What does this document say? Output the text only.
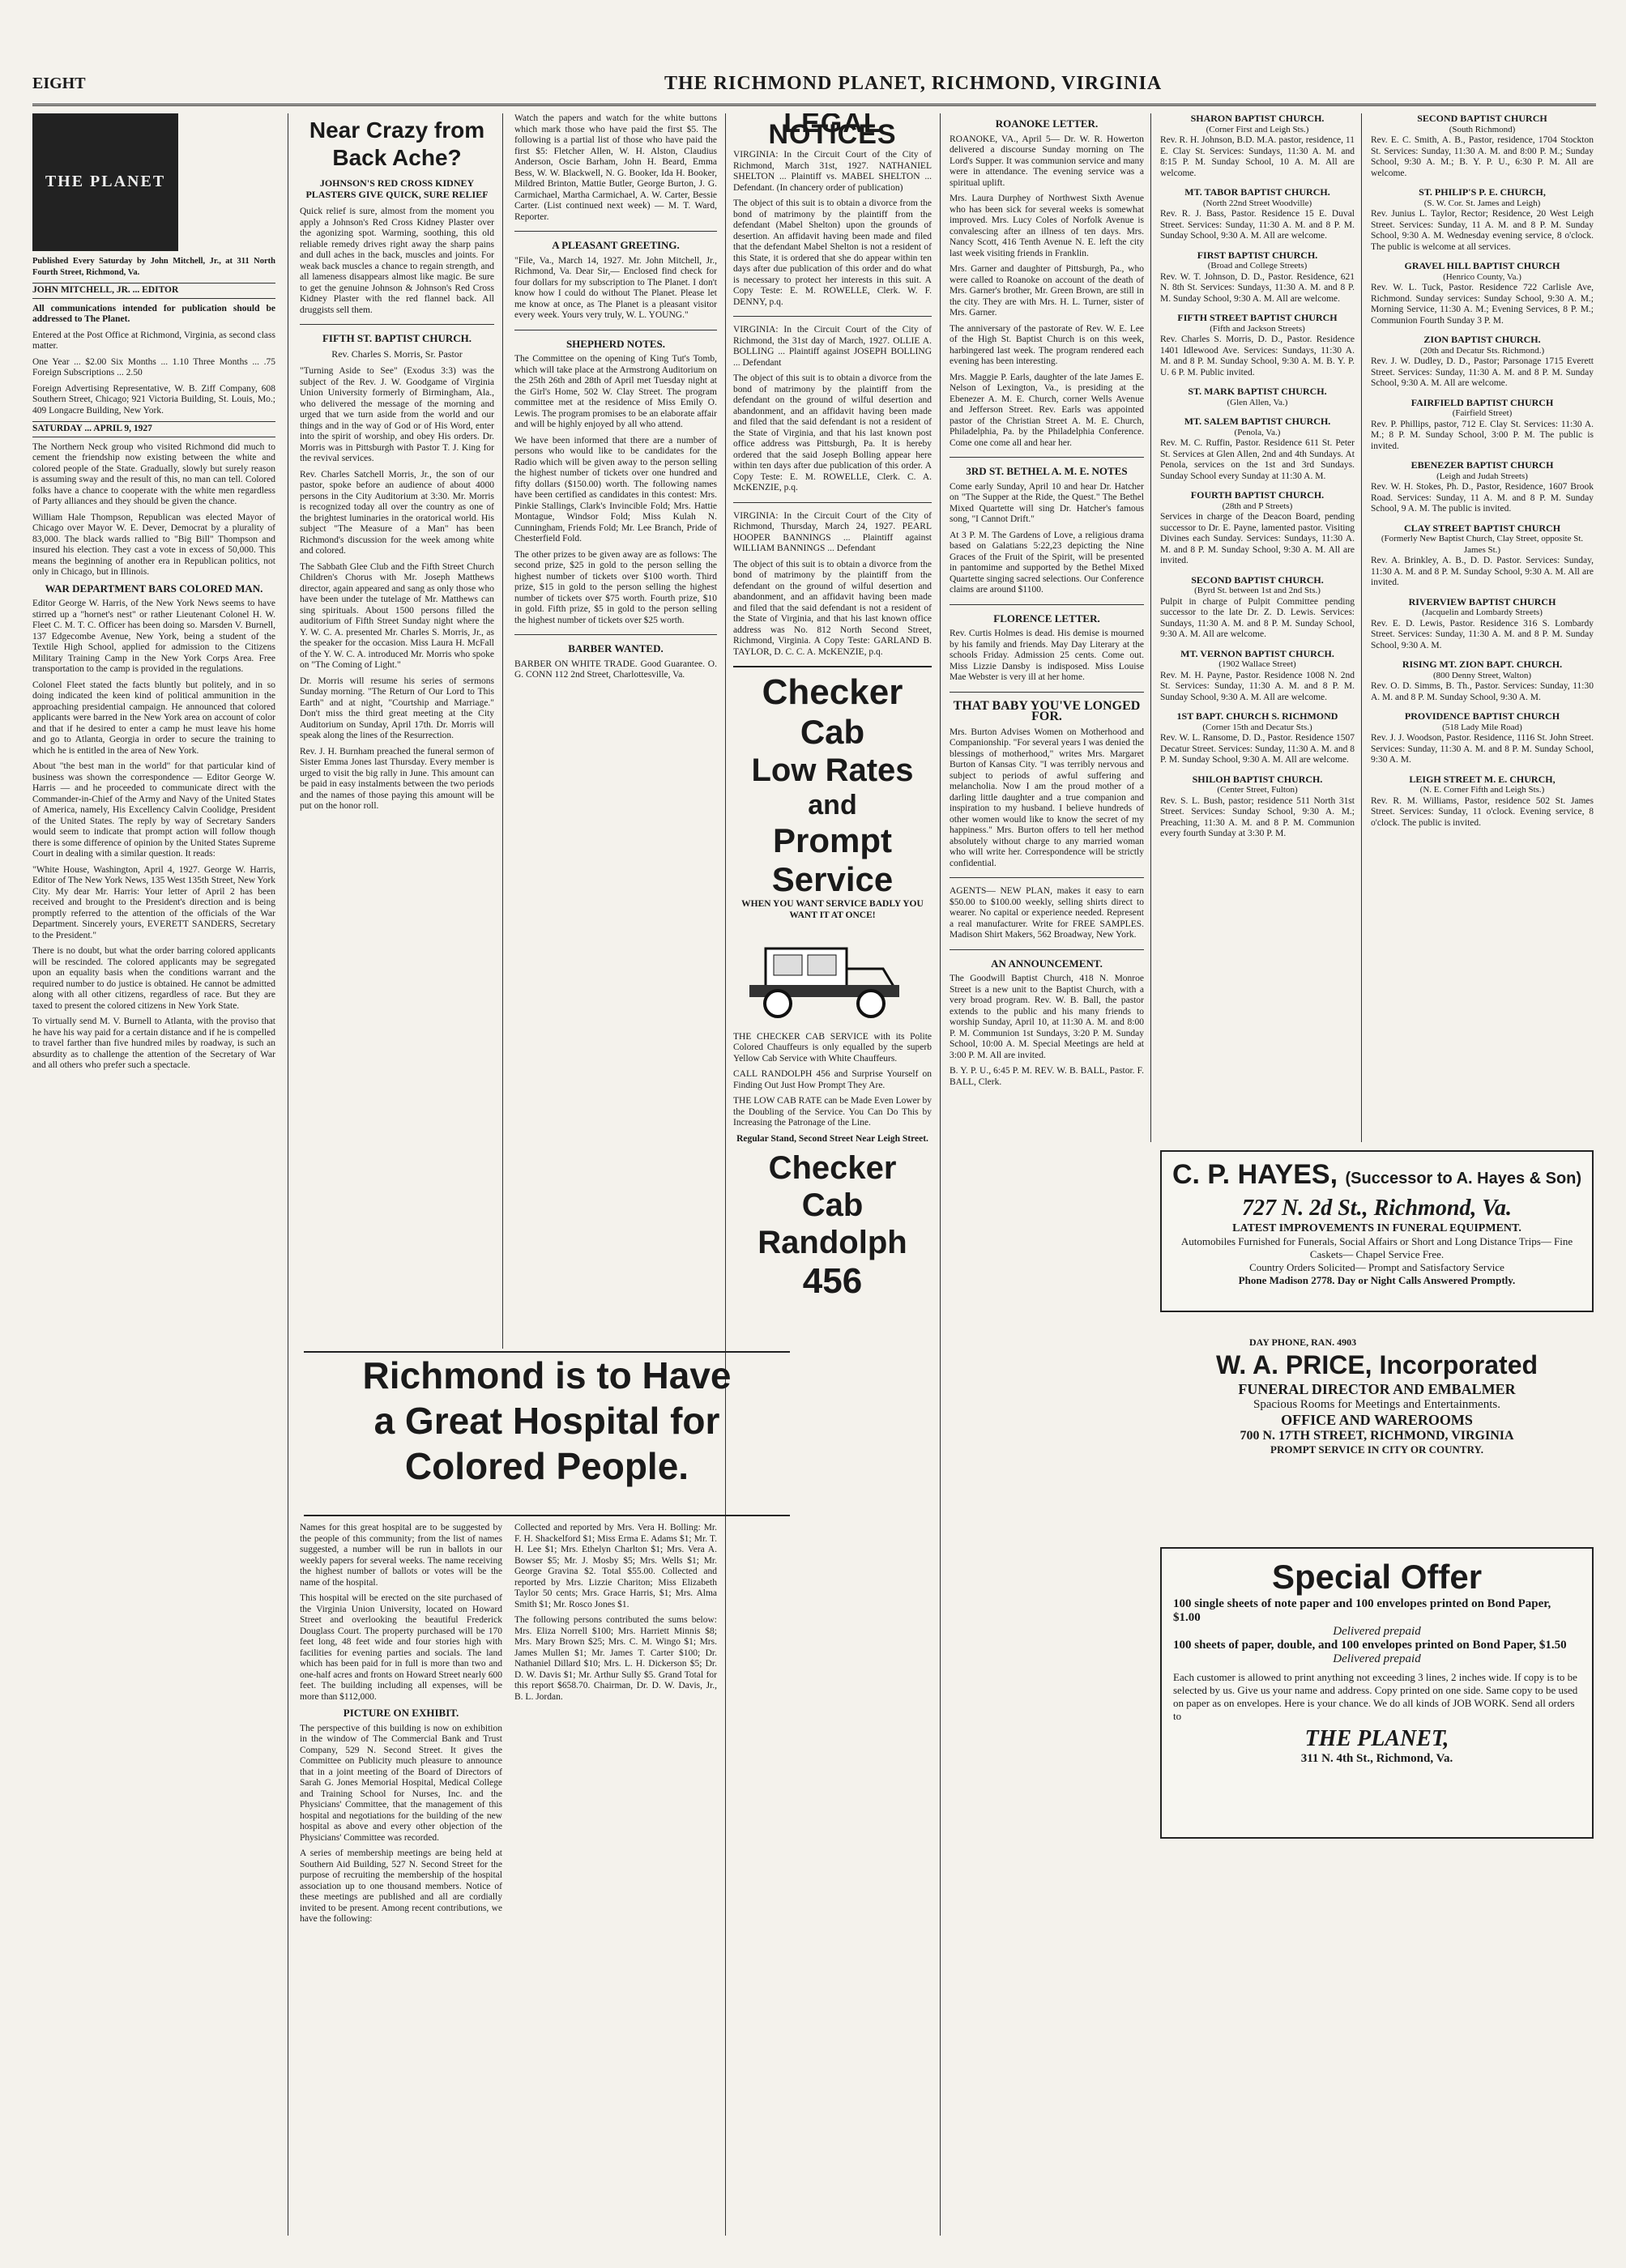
EIGHT	THE RICHMOND PLANET, RICHMOND, VIRGINIA
THE PLANET

Published Every Saturday by John Mitchell, Jr., at 311 North Fourth Street, Richmond, Va.

JOHN MITCHELL, JR. ... EDITOR

All communications intended for publication should be addressed to The Planet.

Entered at the Post Office at Richmond, Virginia, as second class matter.

One Year ... $2.00 Six Months ... 1.10 Three Months ... .75 Foreign Subscriptions ... 2.50

Foreign Advertising Representative, W. B. Ziff Company, 608 Southern Street, Chicago; 921 Victoria Building, St. Louis, Mo.; 409 Longacre Building, New York.

SATURDAY ... APRIL 9, 1927

The Northern Neck group who visited Richmond did much to cement the friendship now existing between the white and colored people of the State. Gradually, slowly but surely reason is assuming sway and the result of this, no man can tell. Colored folks have a chance to cooperate with the white men regardless of Party alliances and they should be given the chance.

William Hale Thompson, Republican was elected Mayor of Chicago over Mayor W. E. Dever, Democrat by a plurality of 83,000. The black wards rallied to "Big Bill" Thompson and insured his election. They cast a vote in excess of 50,000. This means the beginning of another era in Republican politics, not only in Chicago, but in Illinois.

WAR DEPARTMENT BARS COLORED MAN.

Editor George W. Harris, of the New York News seems to have stirred up a "hornet's nest" or rather Lieutenant Colonel H. W. Fleet C. M. T. C. Officer has been doing so. Marsden V. Burnell, 137 Edgecombe Avenue, New York, being a student of the Textile High School, applied for admission to the Citizens Military Training Camp in the New York Corps Area. Free transportation to the camp is provided in the regulations.

Colonel Fleet stated the facts bluntly but politely, and in so doing indicated the keen kind of political ammunition in the approaching presidential campaign. He announced that colored applicants were barred in the New York area on account of color and that if he desired to enter a camp he must leave his home and go to Atlanta, Georgia in order to secure the training to which he is entitled in the area of New York.

About "the best man in the world" for that particular kind of business was shown the correspondence — Editor George W. Harris — and he proceeded to communicate direct with the Commander-in-Chief of the Army and Navy of the United States of America, namely, His Excellency Calvin Coolidge, President of the United States. The reply by way of Secretary Sanders would seem to indicate that prompt action will follow though there is some difference of opinion by the United States Supreme Court in dealing with a similar question. It reads:

"White House, Washington, April 4, 1927. George W. Harris, Editor of The New York News, 135 West 135th Street, New York City. My dear Mr. Harris: Your letter of April 2 has been received and brought to the President's direction and is being promptly referred to the attention of the officials of the War Department. Sincerely yours, EVERETT SANDERS, Secretary to the President."

There is no doubt, but what the order barring colored applicants will be rescinded. The colored applicants may be segregated upon an equality basis when the conditions warrant and the required number to do justice is obtained. He cannot be admitted along with all other citizens, regardless of race. But they are taxed to present the colored citizens in New York State.

To virtually send M. V. Burnell to Atlanta, with the proviso that he have his way paid for a certain distance and if he is compelled to travel farther than five hundred miles by roadway, is such an absurdity as to challenge the attention of the Secretary of War and all others who prefer such a spectacle.

Near Crazy from Back Ache?
JOHNSON'S RED CROSS KIDNEY PLASTERS GIVE QUICK, SURE RELIEF

Quick relief is sure, almost from the moment you apply a Johnson's Red Cross Kidney Plaster over the agonizing spot. Warming, soothing, this old reliable remedy drives right away the sharp pains and dull aches in the back, muscles and joints. For weak back muscles a chance to regain strength, and all lameness disappears almost like magic. Be sure to get the genuine Johnson & Johnson's Red Cross Kidney Plaster with the red flannel back. All druggists sell them.

FIFTH ST. BAPTIST CHURCH.
Rev. Charles S. Morris, Sr. Pastor

"Turning Aside to See" (Exodus 3:3) was the subject of the Rev. J. W. Goodgame of Virginia Union University formerly of Birmingham, Ala., who delivered the message of the morning and urged that we turn aside from the world and our things and in the way of God or of His Word, enter into the spirit of worship, and obey His orders. Dr. Morris was in Pittsburgh with Pastor T. J. King for the revival services.

Rev. Charles Satchell Morris, Jr., the son of our pastor, spoke before an audience of about 4000 persons in the City Auditorium at 3:30. Mr. Morris is recognized today all over the country as one of the brightest luminaries in the oratorical world. His subject "The Measure of a Man" has been Richmond's discussion for the week among white and colored.

The Sabbath Glee Club and the Fifth Street Church Children's Chorus with Mr. Joseph Matthews director, again appeared and sang as only those who have been under the tutelage of Mr. Matthews can sing spirituals. About 1500 persons filled the auditorium of Fifth Street Sunday night where the Y. W. C. A. presented Mr. Charles S. Morris, Jr., as the speaker for the occasion. Miss Laura H. McFall of the Y. W. C. A. introduced Mr. Morris who spoke on "The Coming of Light."

Dr. Morris will resume his series of sermons Sunday morning. "The Return of Our Lord to This Earth" and at night, "Courtship and Marriage." Don't miss the third great meeting at the City Auditorium on Sunday, April 17th. Dr. Morris will speak along the lines of the Resurrection.

Rev. J. H. Burnham preached the funeral sermon of Sister Emma Jones last Thursday. Every member is urged to visit the big rally in June. This amount can be paid in easy instalments between the two periods and the names of those paying this amount will be put on the honor roll.

Watch the papers and watch for the white buttons which mark those who have paid the first $5. The following is a partial list of those who have paid the first $5: Fletcher Allen, W. H. Alston, Claudius Anderson, Oscie Barham, John H. Beard, Emma Bess, W. W. Blackwell, N. G. Booker, Ida H. Booker, Mildred Brinton, Mattie Butler, George Burton, J. G. Carmichael, Martha Carmichael, A. W. Carter, Bessie Carter. (List continued next week) — M. T. Ward, Reporter.

A PLEASANT GREETING.

"File, Va., March 14, 1927. Mr. John Mitchell, Jr., Richmond, Va. Dear Sir,— Enclosed find check for four dollars for my subscription to The Planet. I don't know how I could do without The Planet. Please let me know at once, as The Planet is a pleasant visitor every week. Yours very truly, W. L. YOUNG."

SHEPHERD NOTES.

The Committee on the opening of King Tut's Tomb, which will take place at the Armstrong Auditorium on the 25th 26th and 28th of April met Tuesday night at the Girl's Home, 502 W. Clay Street. The program committee met at the residence of Miss Emily O. Lewis. The program promises to be an elaborate affair and will be highly enjoyed by all who attend.

We have been informed that there are a number of persons who would like to be candidates for the Radio which will be given away to the person selling the highest number of tickets over one hundred and fifty dollars ($150.00) worth. The following names have been certified as candidates in this contest: Mrs. Pinkie Stallings, Clark's Invincible Fold; Mrs. Hattie Montague, Windsor Fold; Miss Kulah N. Cunningham, Friends Fold; Mr. Lee Branch, Pride of Chesterfield Fold.

The other prizes to be given away are as follows: The second prize, $25 in gold to the person selling the highest number of tickets over $100 worth. Third prize, $15 in gold to the person selling the highest number of tickets over $75 worth. Fourth prize, $10 in gold. Fifth prize, $5 in gold to the person selling the highest number of tickets over $25 worth.

BARBER WANTED.

BARBER ON WHITE TRADE. Good Guarantee. O. G. CONN 112 2nd Street, Charlottesville, Va.

Richmond is to Have
a Great Hospital for
Colored People.

Names for this great hospital are to be suggested by the people of this community; from the list of names suggested, a number will be run in ballots in our weekly papers for several weeks. The name receiving the highest number of ballots or votes will be the name of the hospital.

This hospital will be erected on the site purchased of the Virginia Union University, located on Howard Street and overlooking the beautiful Frederick Douglass Court. The property purchased will be 170 feet long, 48 feet wide and four stories high with facilities for evening parties and socials. The land which has been paid for in full is more than two and one-half acres and fronts on Howard Street nearly 600 feet. The building including all expenses, will be more than $112,000.

PICTURE ON EXHIBIT.

The perspective of this building is now on exhibition in the window of The Commercial Bank and Trust Company, 529 N. Second Street. It gives the Committee on Publicity much pleasure to announce that in a joint meeting of the Board of Directors of Sarah G. Jones Memorial Hospital, Medical College and Training School for Nurses, Inc. and the Physicians' Committee, that the management of this hospital and negotiations for the building of the new hospital as above and every other objection of the Physicians' Committee was recorded.

A series of membership meetings are being held at Southern Aid Building, 527 N. Second Street for the purpose of recruiting the membership of the hospital association up to one thousand members. Notice of these meetings are published and all are cordially invited to be present. Among recent contributions, we have the following:

Collected and reported by Mrs. Vera H. Bolling: Mr. F. H. Shackelford $1; Miss Erma E. Adams $1; Mr. T. H. Lee $1; Mrs. Ethelyn Charlton $1; Mrs. Vera A. Bowser $5; Mr. J. Mosby $5; Mrs. Wells $1; Mr. George Gravina $2. Total $55.00. Collected and reported by Mrs. Lizzie Chariton; Miss Elizabeth Taylor 50 cents; Mrs. Grace Harris, $1; Mrs. Alma Smith $1; Mr. Rosco Jones $1.

The following persons contributed the sums below: Mrs. Eliza Norrell $100; Mrs. Harriett Minnis $8; Mrs. Mary Brown $25; Mrs. C. M. Wingo $1; Mrs. James Mullen $1; Mr. James T. Carter $100; Dr. Nathaniel Dillard $10; Mrs. L. H. Dickerson $5; Dr. D. W. Davis $1; Mr. Arthur Sully $5. Grand Total for this report $658.70. Chairman, Dr. D. W. Davis, Jr., B. L. Jordan.

LEGAL NOTICES

VIRGINIA: In the Circuit Court of the City of Richmond, March 31st, 1927. NATHANIEL SHELTON ... Plaintiff vs. MABEL SHELTON ... Defendant. (In chancery order of publication)

The object of this suit is to obtain a divorce from the bond of matrimony by the plaintiff from the defendant (Mabel Shelton) upon the grounds of desertion. An affidavit having been made and filed that the defendant Mabel Shelton is not a resident of this State, it is ordered that she do appear within ten days after due publication of this order and do what is necessary to protect her interests in this suit. A Copy Teste: E. M. ROWELLE, Clerk. W. F. DENNY, p.q.

VIRGINIA: In the Circuit Court of the City of Richmond, the 31st day of March, 1927. OLLIE A. BOLLING ... Plaintiff against JOSEPH BOLLING ... Defendant

The object of this suit is to obtain a divorce from the bond of matrimony by the plaintiff from the defendant on the ground of wilful desertion and abandonment, and an affidavit having been made and filed that the said defendant is not a resident of the State of Virginia, and that his last known post office address was Pittsburgh, Pa. It is hereby ordered that the said Joseph Bolling appear here within ten days after due publication of this order. A Copy Teste: E. M. ROWELLE, Clerk. C. A. McKENZIE, p.q.

VIRGINIA: In the Circuit Court of the City of Richmond, Thursday, March 24, 1927. PEARL HOOPER BANNINGS ... Plaintiff against WILLIAM BANNINGS ... Defendant

The object of this suit is to obtain a divorce from the bond of matrimony by the plaintiff from the defendant on the ground of wilful desertion and abandonment, and an affidavit having been made and filed that the said defendant is not a resident of the State of Virginia, and that his last known office address was No. 812 North Second Street, Richmond, Virginia. A Copy Teste: GARLAND B. TAYLOR, D. C. C. A. McKENZIE, p.q.

Checker
Cab
Low Rates
and
Prompt
Service

WHEN YOU WANT SERVICE BADLY YOU WANT IT AT ONCE!

THE CHECKER CAB SERVICE with its Polite Colored Chauffeurs is only equalled by the superb Yellow Cab Service with White Chauffeurs.

CALL RANDOLPH 456 and Surprise Yourself on Finding Out Just How Prompt They Are.

THE LOW CAB RATE can be Made Even Lower by the Doubling of the Service. You Can Do This by Increasing the Patronage of the Line.

Regular Stand, Second Street Near Leigh Street.

Checker
Cab
Randolph
456
ROANOKE LETTER.

ROANOKE, VA., April 5— Dr. W. R. Howerton delivered a discourse Sunday morning on The Lord's Supper. It was communion service and many were in attendance. The evening service was a spiritual uplift.

Mrs. Laura Durphey of Northwest Sixth Avenue who has been sick for several weeks is somewhat improved. Mrs. Lucy Coles of Norfolk Avenue is convalescing after an illness of ten days. Mrs. Nancy Scott, 416 Tenth Avenue N. E. left the city last week visiting friends in Franklin.

Mrs. Garner and daughter of Pittsburgh, Pa., who were called to Roanoke on account of the death of Mrs. Garner's brother, Mr. Green Brown, are still in the city. They are with Mrs. H. L. Turner, sister of Mrs. Garner.

The anniversary of the pastorate of Rev. W. E. Lee of the High St. Baptist Church is on this week, harbingered last week. The program rendered each evening has been interesting.

Mrs. Maggie P. Earls, daughter of the late James E. Nelson of Lexington, Va., is presiding at the Ebenezer A. M. E. Church, corner Wells Avenue and Jefferson Street. Rev. Earls was appointed pastor of the Christian Street A. M. E. Church, Philadelphia, Pa. by the Philadelphia Conference. Come one come all and hear her.

3RD ST. BETHEL A. M. E. NOTES

Come early Sunday, April 10 and hear Dr. Hatcher on "The Supper at the Ride, the Quest." The Bethel Mixed Quartette will sing Dr. Hatcher's famous song, "I Cannot Drift."

At 3 P. M. The Gardens of Love, a religious drama based on Galatians 5:22,23 depicting the Nine Graces of the Fruit of the Spirit, will be presented in pantomime and supported by the Bethel Mixed Quartette singing sacred selections. Our Conference claims are around $1100.

FLORENCE LETTER.

Rev. Curtis Holmes is dead. His demise is mourned by his family and friends. May Day Literary at the schools Friday. Admission 25 cents. Come out. Miss Lizzie Dansby is indisposed. Miss Louise Mae Webster is very ill at her home.

THAT BABY YOU'VE LONGED FOR.

Mrs. Burton Advises Women on Motherhood and Companionship. "For several years I was denied the blessings of motherhood," writes Mrs. Margaret Burton of Kansas City. "I was terribly nervous and subject to periods of awful suffering and melancholia. Now I am the proud mother of a darling little daughter and a true companion and inspiration to my husband. I believe hundreds of other women would like to know the secret of my happiness." Mrs. Burton offers to tell her method absolutely without charge to any married woman who will write her. Correspondence will be strictly confidential.

AGENTS— NEW PLAN, makes it easy to earn $50.00 to $100.00 weekly, selling shirts direct to wearer. No capital or experience needed. Represent a real manufacturer. Write for FREE SAMPLES. Madison Shirt Makers, 562 Broadway, New York.

AN ANNOUNCEMENT.

The Goodwill Baptist Church, 418 N. Monroe Street is a new unit to the Baptist Church, with a very broad program. Rev. W. B. Ball, the pastor extends to the public and his many friends to worship Sunday, April 10, at 11:30 A. M. and 8:00 P. M. Communion 1st Sundays, 3:20 P. M. Sunday School, 10:00 A. M. Special Meetings are held at 3:00 P. M. All are invited.

B. Y. P. U., 6:45 P. M. REV. W. B. BALL, Pastor. F. BALL, Clerk.

SHARON BAPTIST CHURCH.
(Corner First and Leigh Sts.)

Rev. R. H. Johnson, B.D. M.A. pastor, residence, 11 E. Clay St. Services: Sundays, 11:30 A. M. and 8:15 P. M. Sunday School, 10 A. M. All are welcome.

MT. TABOR BAPTIST CHURCH.
(North 22nd Street Woodville)

Rev. R. J. Bass, Pastor. Residence 15 E. Duval Street. Services: Sunday, 11:30 A. M. and 8 P. M. Sunday School, 9:30 A. M. All are welcome.

FIRST BAPTIST CHURCH.
(Broad and College Streets)

Rev. W. T. Johnson, D. D., Pastor. Residence, 621 N. 8th St. Services: Sundays, 11:30 A. M. and 8 P. M. Sunday School, 9:30 A. M. All are welcome.

FIFTH STREET BAPTIST CHURCH
(Fifth and Jackson Streets)

Rev. Charles S. Morris, D. D., Pastor. Residence 1401 Idlewood Ave. Services: Sundays, 11:30 A. M. and 8 P. M. Sunday School, 9:30 A. M. B. Y. P. U. 6 P. M. Public invited.

ST. MARK BAPTIST CHURCH.
(Glen Allen, Va.)

MT. SALEM BAPTIST CHURCH.
(Penola, Va.)

Rev. M. C. Ruffin, Pastor. Residence 611 St. Peter St. Services at Glen Allen, 2nd and 4th Sundays. At Penola, services on the 1st and 3rd Sundays. Sunday School every Sunday at 11:30 A. M.

FOURTH BAPTIST CHURCH.
(28th and P Streets)

Services in charge of the Deacon Board, pending successor to Dr. E. Payne, lamented pastor. Visiting Divines each Sunday. Services: Sundays, 11:30 A. M. and 8 P. M. Sunday School, 9:30 A. M. All are invited.

SECOND BAPTIST CHURCH.
(Byrd St. between 1st and 2nd Sts.)

Pulpit in charge of Pulpit Committee pending successor to the late Dr. Z. D. Lewis. Services: Sundays, 11:30 A. M. and 8 P. M. Sunday School, 9:30 A. M. All are welcome.

MT. VERNON BAPTIST CHURCH.
(1902 Wallace Street)

Rev. M. H. Payne, Pastor. Residence 1008 N. 2nd St. Services: Sunday, 11:30 A. M. and 8 P. M. Sunday School, 9:30 A. M. All are welcome.

1ST BAPT. CHURCH S. RICHMOND
(Corner 15th and Decatur Sts.)

Rev. W. L. Ransome, D. D., Pastor. Residence 1507 Decatur Street. Services: Sunday, 11:30 A. M. and 8 P. M. Sunday School, 9:30 A. M. All are welcome.

SHILOH BAPTIST CHURCH.
(Center Street, Fulton)

Rev. S. L. Bush, pastor; residence 511 North 31st Street. Services: Sunday School, 9:30 A. M.; Preaching, 11:30 A. M. and 8 P. M. Communion every fourth Sunday at 3:30 P. M.

SECOND BAPTIST CHURCH
(South Richmond)

Rev. E. C. Smith, A. B., Pastor, residence, 1704 Stockton St. Services: Sunday, 11:30 A. M. and 8:00 P. M.; Sunday School, 9:30 A. M.; B. Y. P. U., 6:30 P. M. All are welcome.

ST. PHILIP'S P. E. CHURCH,
(S. W. Cor. St. James and Leigh)

Rev. Junius L. Taylor, Rector; Residence, 20 West Leigh Street. Services: Sunday, 11 A. M. and 8 P. M. Sunday School, 9:30 A. M. Wednesday evening service, 8 o'clock. The public is welcome at all services.

GRAVEL HILL BAPTIST CHURCH
(Henrico County, Va.)

Rev. W. L. Tuck, Pastor. Residence 722 Carlisle Ave, Richmond. Sunday services: Sunday School, 9:30 A. M.; Morning Service, 11:30 A. M.; Evening Services, 8 P. M.; Communion Fourth Sunday 3 P. M.

ZION BAPTIST CHURCH.
(20th and Decatur Sts. Richmond.)

Rev. J. W. Dudley, D. D., Pastor; Parsonage 1715 Everett Street. Services: Sunday, 11:30 A. M. and 8 P. M. Sunday School, 9:30 A. M. All are welcome.

FAIRFIELD BAPTIST CHURCH
(Fairfield Street)

Rev. P. Phillips, pastor, 712 E. Clay St. Services: 11:30 A. M.; 8 P. M. Sunday School, 3:00 P. M. The public is invited.

EBENEZER BAPTIST CHURCH
(Leigh and Judah Streets)

Rev. W. H. Stokes, Ph. D., Pastor, Residence, 1607 Brook Road. Services: Sunday, 11 A. M. and 8 P. M. Sunday School, 9 A. M. The public is invited.

CLAY STREET BAPTIST CHURCH
(Formerly New Baptist Church, Clay Street, opposite St. James St.)

Rev. A. Brinkley, A. B., D. D. Pastor. Services: Sunday, 11:30 A. M. and 8 P. M. Sunday School, 9:30 A. M. All are invited.

RIVERVIEW BAPTIST CHURCH
(Jacquelin and Lombardy Streets)

Rev. E. D. Lewis, Pastor. Residence 316 S. Lombardy Street. Services: Sunday, 11:30 A. M. and 8 P. M. Sunday School, 9:30 A. M.

RISING MT. ZION BAPT. CHURCH.
(800 Denny Street, Walton)

Rev. O. D. Simms, B. Th., Pastor. Services: Sunday, 11:30 A. M. and 8 P. M. Sunday School, 9:30 A. M.

PROVIDENCE BAPTIST CHURCH
(518 Lady Mile Road)

Rev. J. J. Woodson, Pastor. Residence, 1116 St. John Street. Services: Sunday, 11:30 A. M. and 8 P. M. Sunday School, 9:30 A. M.

LEIGH STREET M. E. CHURCH,
(N. E. Corner Fifth and Leigh Sts.)

Rev. R. M. Williams, Pastor, residence 502 St. James Street. Services: Sunday, 11 o'clock. Evening service, 8 o'clock. The public is invited.

C. P. HAYES, (Successor to A. Hayes & Son)
727 N. 2d St., Richmond, Va.
LATEST IMPROVEMENTS IN FUNERAL EQUIPMENT.
Automobiles Furnished for Funerals, Social Affairs or Short and Long Distance Trips— Fine Caskets— Chapel Service Free.
Country Orders Solicited— Prompt and Satisfactory Service
Phone Madison 2778. Day or Night Calls Answered Promptly.
DAY PHONE, RAN. 4903
W. A. PRICE, Incorporated
FUNERAL DIRECTOR AND EMBALMER
Spacious Rooms for Meetings and Entertainments.
OFFICE AND WAREROOMS
700 N. 17TH STREET, RICHMOND, VIRGINIA
PROMPT SERVICE IN CITY OR COUNTRY.
Special Offer
100 single sheets of note paper and 100 envelopes printed on Bond Paper, $1.00
Delivered prepaid
100 sheets of paper, double, and 100 envelopes printed on Bond Paper, $1.50
Delivered prepaid
Each customer is allowed to print anything not exceeding 3 lines, 2 inches wide. If copy is to be selected by us. Give us your name and address. Copy printed on one side. Same copy to be used on paper as on envelopes. Here is your chance. We do all kinds of JOB WORK. Send all orders to
THE PLANET,
311 N. 4th St., Richmond, Va.
